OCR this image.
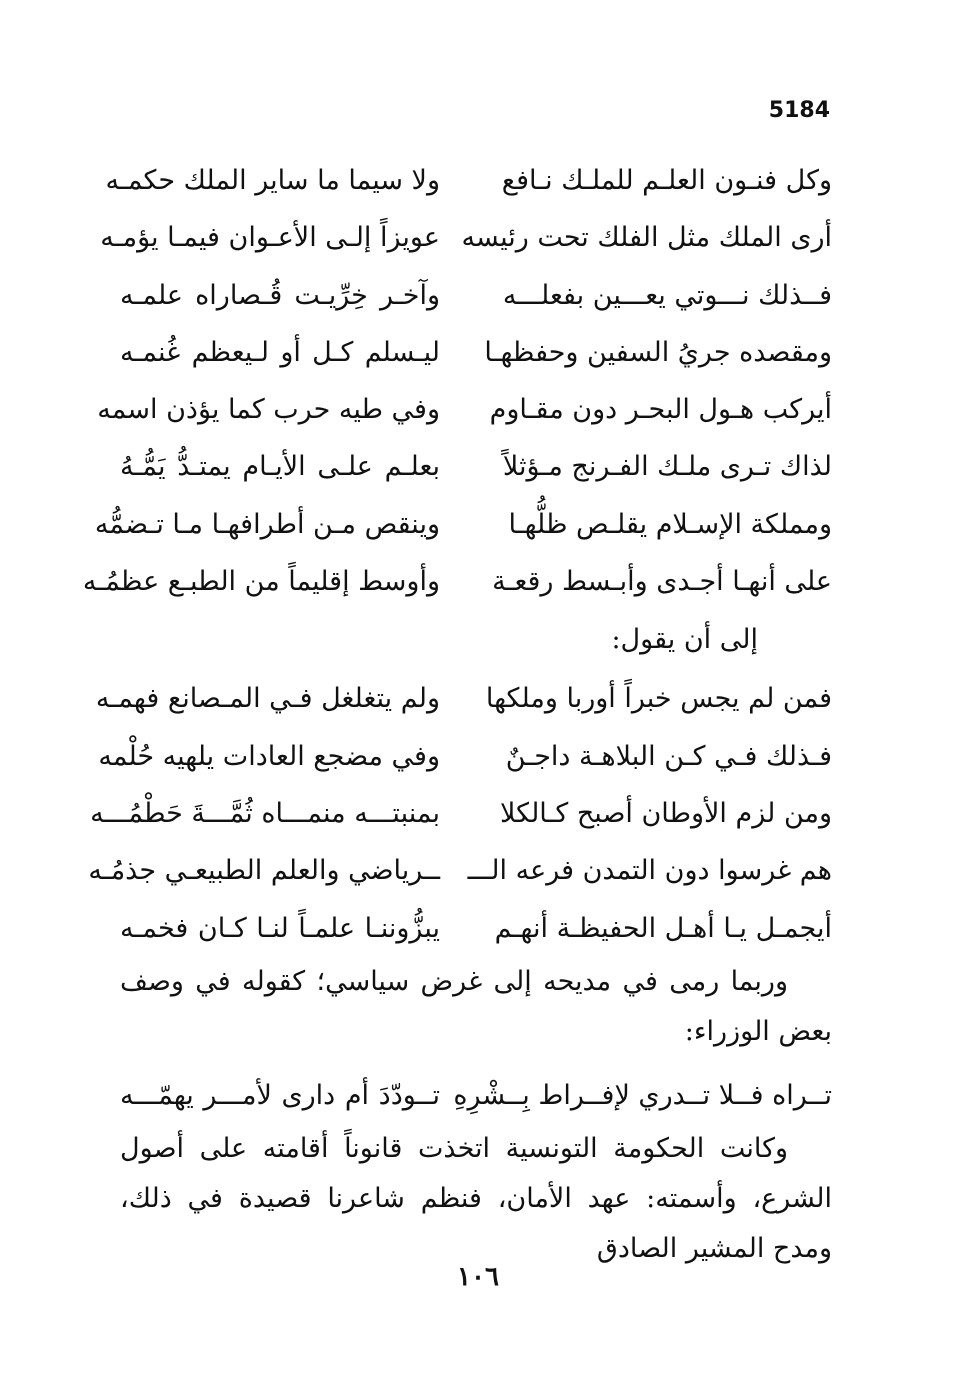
5184
وكل فنـون العلـم للملـك نـافع
ولا سيما ما ساير الملك حكمـه
أرى الملك مثل الفلك تحت رئيسه
عويزاً إلـى الأعـوان فيمـا يؤمـه
فــذلك نـــوتي يعـــين بفعلـــه
وآخـر خِرِّيـت قُـصاراه علمـه
ومقصده جريُ السفين وحفظهـا
ليـسلم كـل أو لـيعظم غُنمـه
أيركب هـول البحـر دون مقـاوم
وفي طيه حرب كما يؤذن اسمه
لذاك تـرى ملـك الفـرنج مـؤثلاً
بعلـم علـى الأيـام يمتـدُّ يَمُّـهُ
ومملكة الإسـلام يقلـص ظلُّهـا
وينقص مـن أطرافهـا مـا تـضمُّه
على أنهـا أجـدى وأبـسط رقعـة
وأوسط إقليماً من الطبـع عظمُـه
إلى أن يقول:
فمن لم يجس خبراً أوربا وملكها
ولم يتغلغل فـي المـصانع فهمـه
فـذلك فـي كـن البلاهـة داجـنٌ
وفي مضجع العادات يلهيه حُلْمه
ومن لزم الأوطان أصبح كـالكلا
بمنبتـــه منمـــاه ثُمَّـــةَ حَطْمُـــه
هم غرسوا دون التمدن فرعه الـــ
ــرياضي والعلم الطبيعـي جذمُـه
أيجمـل يـا أهـل الحفيظـة أنهـم
يبزُّوننـا علمـاً لنـا كـان فخمـه
وربما رمى في مديحه إلى غرض سياسي؛ كقوله في وصف بعض الوزراء:
تــراه فــلا تــدري لإفــراط بِــشْرِهِ
تــودّدَ أم دارى لأمـــر يهمّـــه
وكانت الحكومة التونسية اتخذت قانوناً أقامته على أصول الشرع، وأسمته: عهد الأمان، فنظم شاعرنا قصيدة في ذلك، ومدح المشير الصادق
١٠٦
